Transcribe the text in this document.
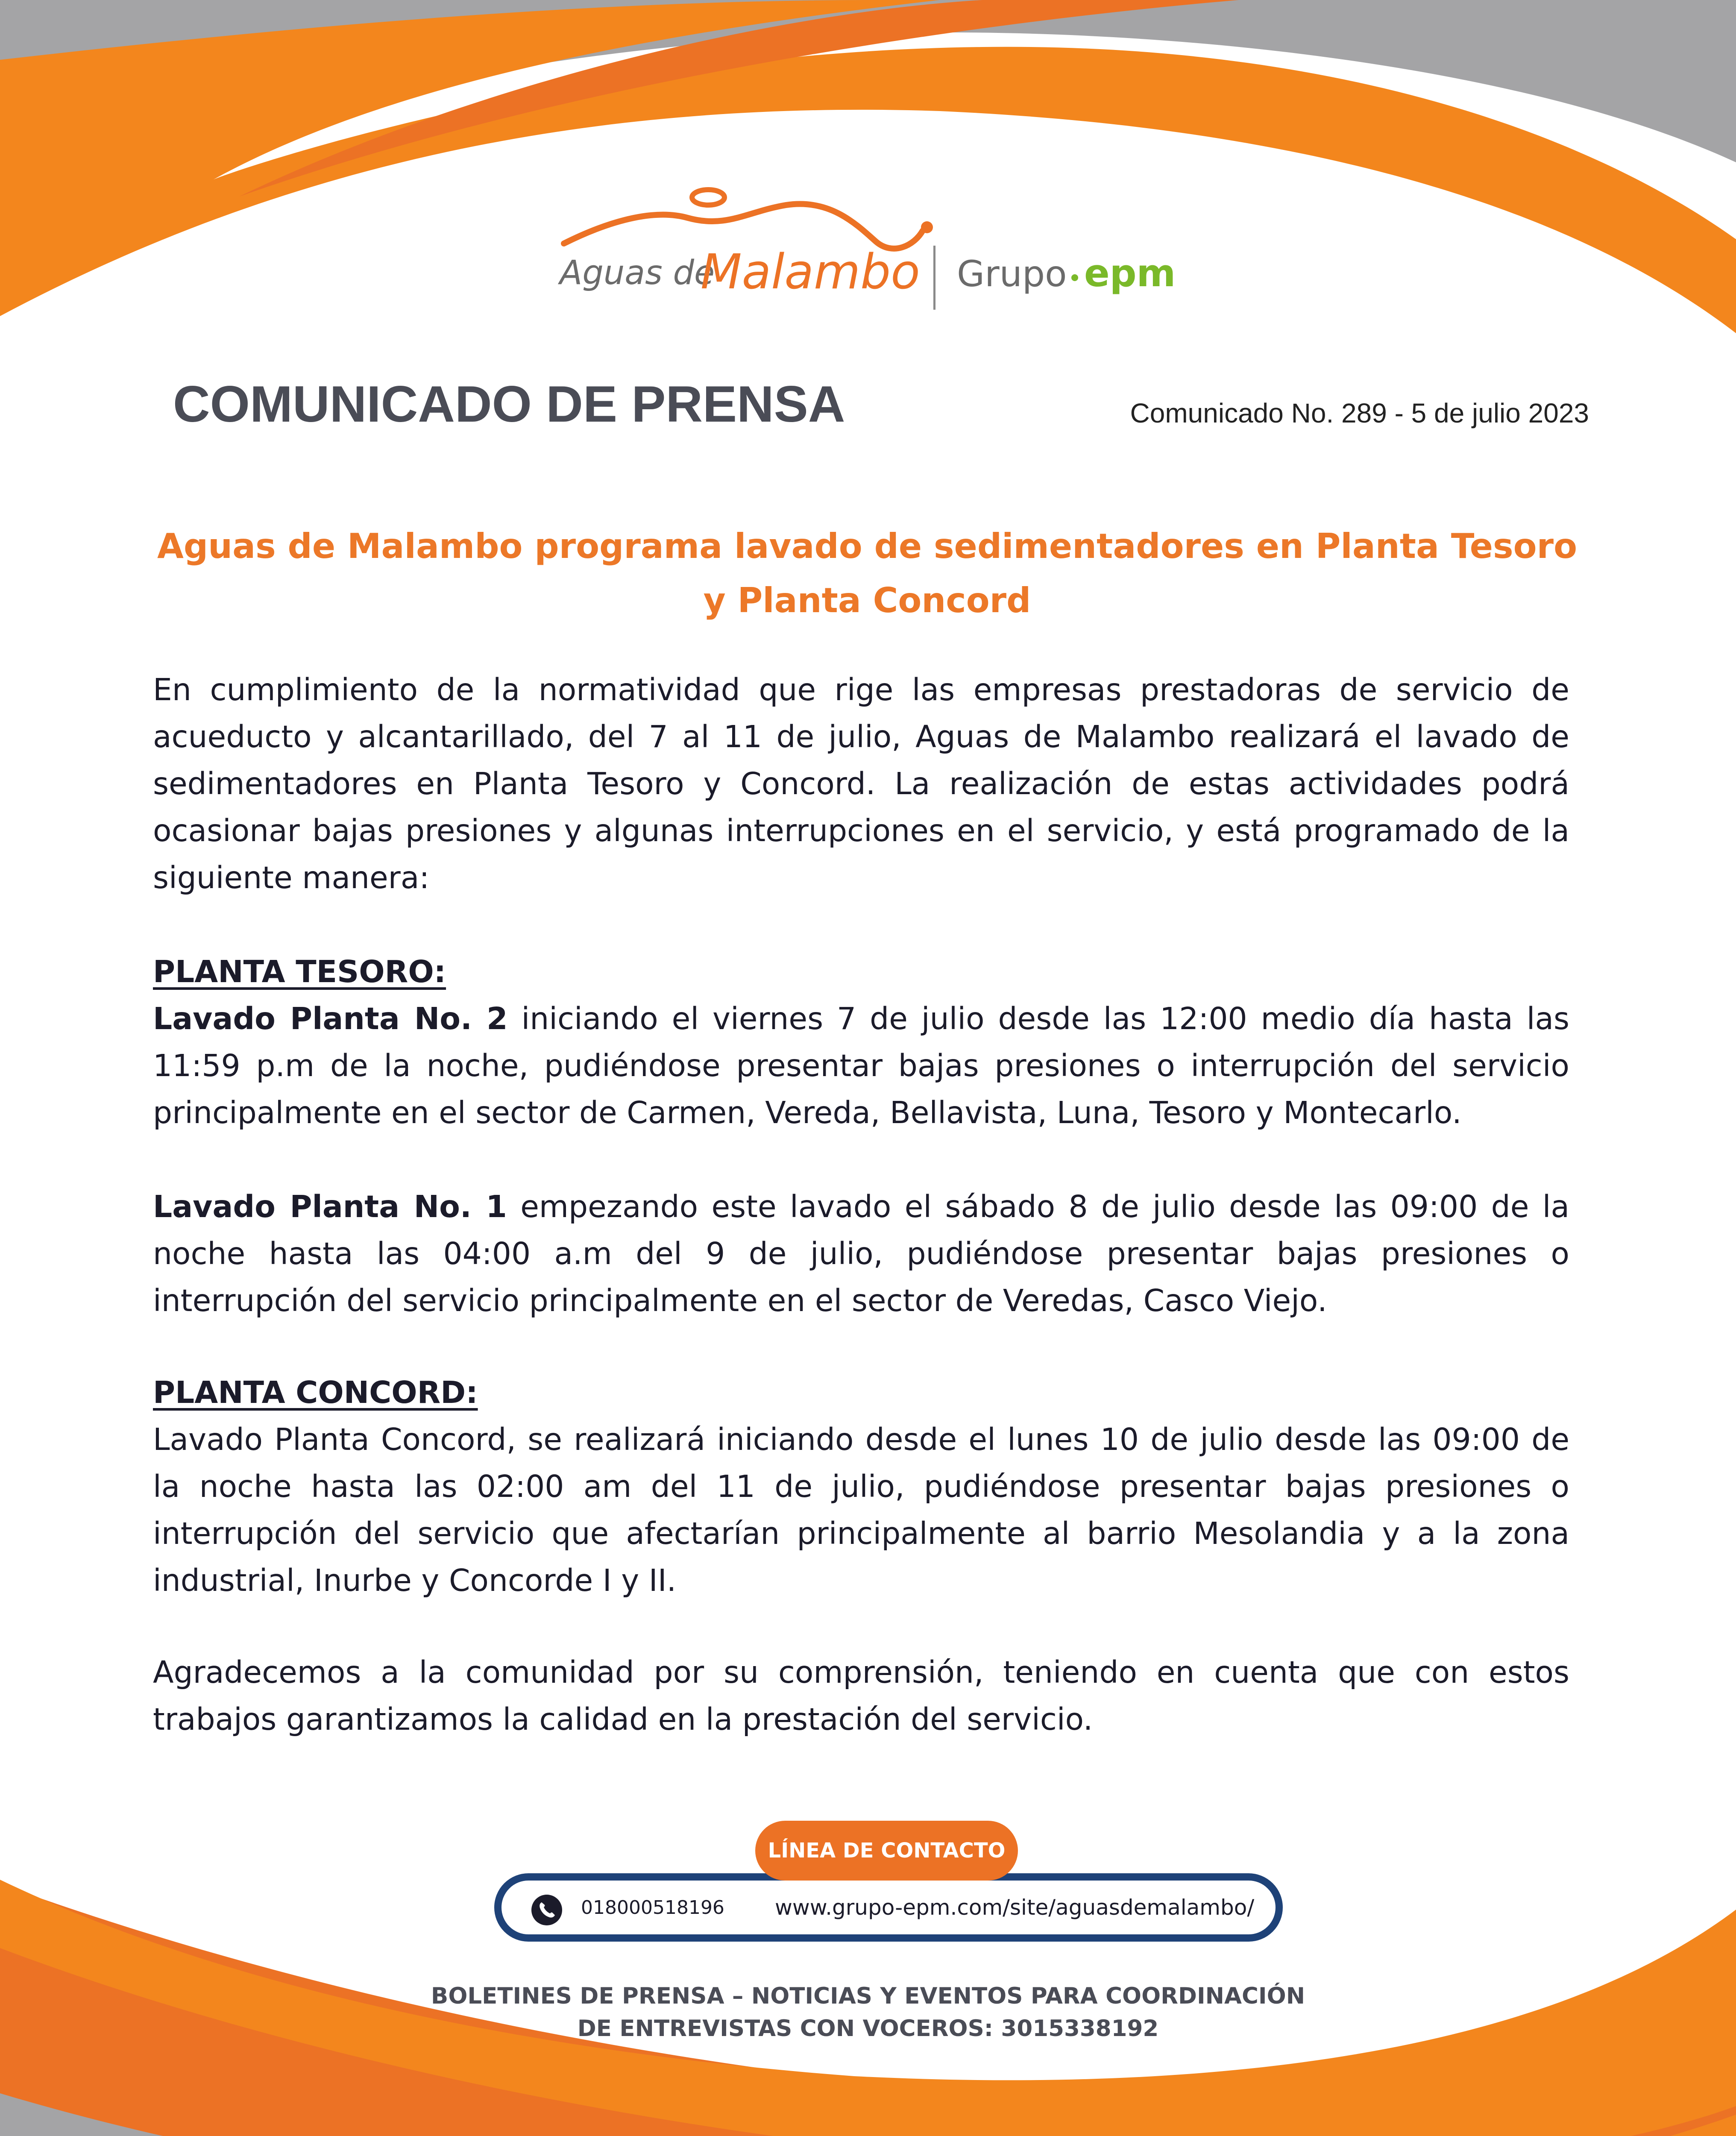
Aguas de
Malambo Grupo epm
COMUNICADO DE PRENSA	Comunicado No. 289 - 5 de julio 2023
Aguas de Malambo programa lavado de sedimentadores en Planta Tesoro y Planta Concord
En cumplimiento de la normatividad que rige las empresas prestadoras de servicio de acueducto y alcantarillado, del 7 al 11 de julio, Aguas de Malambo realizará el lavado de sedimentadores en Planta Tesoro y Concord. La realización de estas actividades podrá ocasionar bajas presiones y algunas interrupciones en el servicio, y está programado de la siguiente manera:
PLANTA TESORO:
Lavado Planta No. 2 iniciando el viernes 7 de julio desde las 12:00 medio día hasta las 11:59 p.m de la noche, pudiéndose presentar bajas presiones o interrupción del servicio principalmente en el sector de Carmen, Vereda, Bellavista, Luna, Tesoro y Montecarlo.
Lavado Planta No. 1 empezando este lavado el sábado 8 de julio desde las 09:00 de la noche hasta las 04:00 a.m del 9 de julio, pudiéndose presentar bajas presiones o interrupción del servicio principalmente en el sector de Veredas, Casco Viejo.
PLANTA CONCORD:
Lavado Planta Concord, se realizará iniciando desde el lunes 10 de julio desde las 09:00 de la noche hasta las 02:00 am del 11 de julio, pudiéndose presentar bajas presiones o interrupción del servicio que afectarían principalmente al barrio Mesolandia y a la zona industrial, Inurbe y Concorde I y II.
Agradecemos a la comunidad por su comprensión, teniendo en cuenta que con estos trabajos garantizamos la calidad en la prestación del servicio.
LÍNEA DE CONTACTO
018000518196 www.grupo-epm.com/site/aguasdemalambo/
BOLETINES DE PRENSA – NOTICIAS Y EVENTOS PARA COORDINACIÓN
DE ENTREVISTAS CON VOCEROS: 3015338192
